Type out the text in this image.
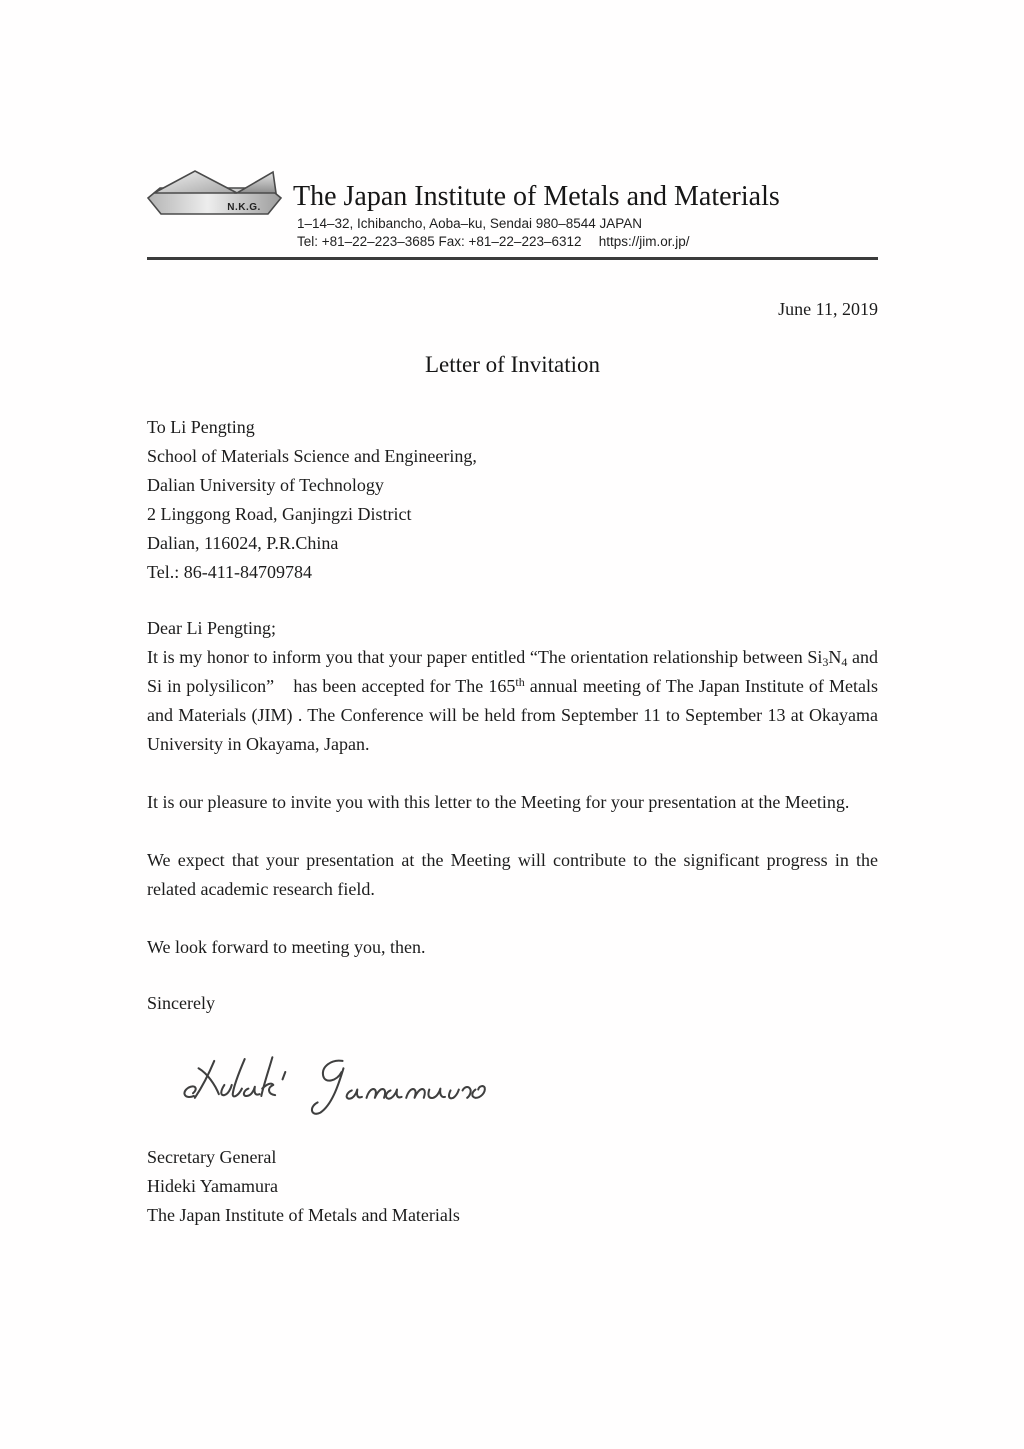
N.K.G. The Japan Institute of Metals and Materials
1–14–32, Ichibancho, Aoba–ku, Sendai 980–8544 JAPAN
Tel: +81–22–223–3685 Fax: +81–22–223–6312　 https://jim.or.jp/
June 11, 2019
Letter of Invitation
To Li Pengting
School of Materials Science and Engineering,
Dalian University of Technology
2 Linggong Road, Ganjingzi District
Dalian, 116024, P.R.China
Tel.: 86-411-84709784
Dear Li Pengting;

It is my honor to inform you that your paper entitled “The orientation relationship between $Si_3N_4$ and Si in polysilicon”　has been accepted for The 165th annual meeting of The Japan Institute of Metals and Materials (JIM) . The Conference will be held from September 11 to September 13 at Okayama University in Okayama, Japan.

It is our pleasure to invite you with this letter to the Meeting for your presentation at the Meeting.

We expect that your presentation at the Meeting will contribute to the significant progress in the related academic research field.

We look forward to meeting you, then.

Sincerely
Secretary General
Hideki Yamamura
The Japan Institute of Metals and Materials
